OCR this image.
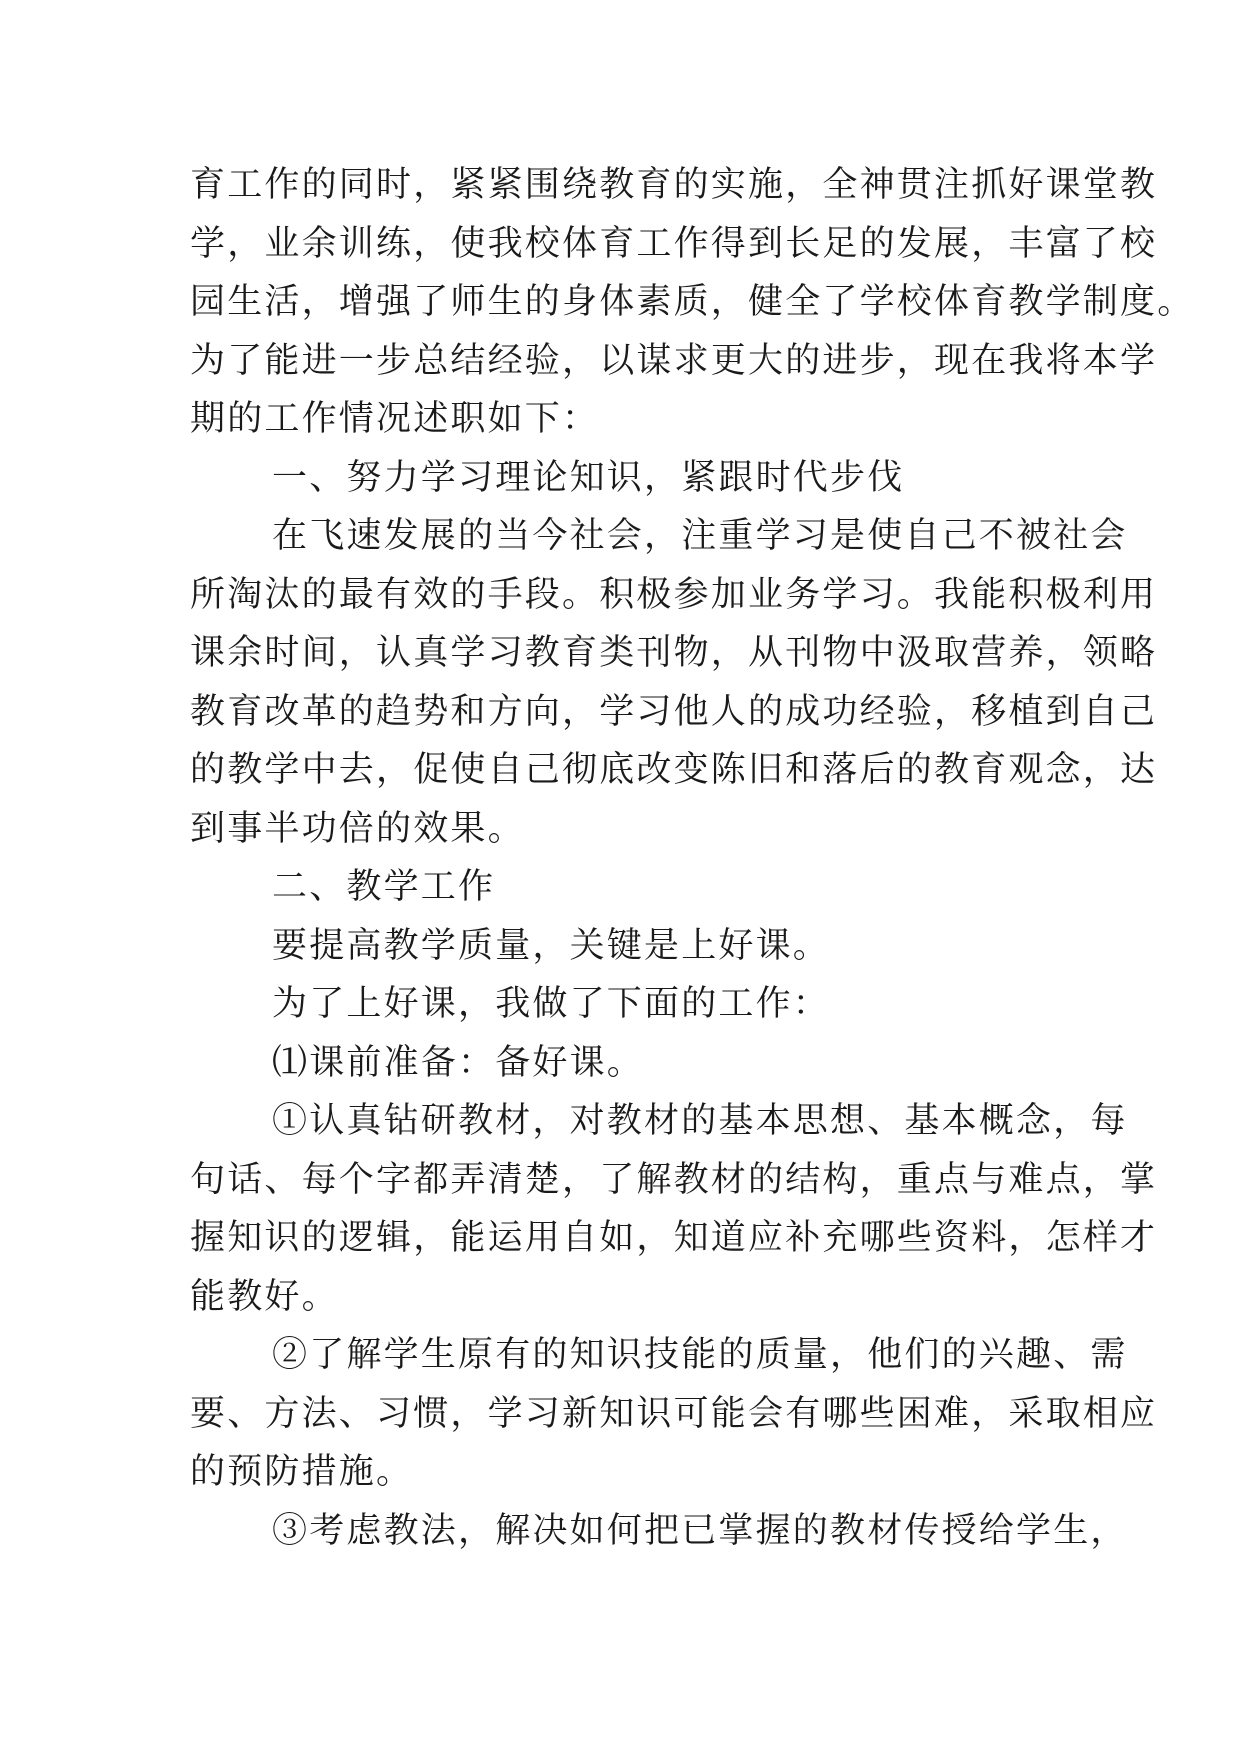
育工作的同时，紧紧围绕教育的实施，全神贯注抓好课堂教
学，业余训练，使我校体育工作得到长足的发展，丰富了校
园生活，增强了师生的身体素质，健全了学校体育教学制度。
为了能进一步总结经验，以谋求更大的进步，现在我将本学
期的工作情况述职如下：
一、努力学习理论知识，紧跟时代步伐
在飞速发展的当今社会，注重学习是使自己不被社会
所淘汰的最有效的手段。积极参加业务学习。我能积极利用
课余时间，认真学习教育类刊物，从刊物中汲取营养，领略
教育改革的趋势和方向，学习他人的成功经验，移植到自己
的教学中去，促使自己彻底改变陈旧和落后的教育观念，达
到事半功倍的效果。
二、教学工作
要提高教学质量，关键是上好课。
为了上好课，我做了下面的工作：
⑴课前准备：备好课。
①认真钻研教材，对教材的基本思想、基本概念，每
句话、每个字都弄清楚，了解教材的结构，重点与难点，掌
握知识的逻辑，能运用自如，知道应补充哪些资料，怎样才
能教好。
②了解学生原有的知识技能的质量，他们的兴趣、需
要、方法、习惯，学习新知识可能会有哪些困难，采取相应
的预防措施。
③考虑教法，解决如何把已掌握的教材传授给学生，
